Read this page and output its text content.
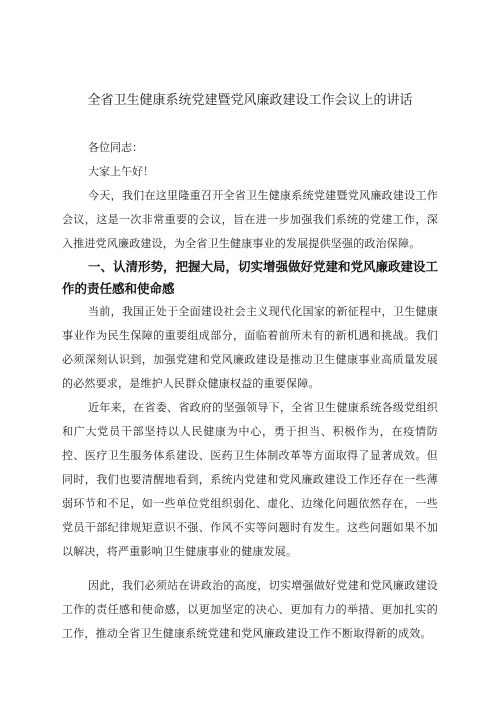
全省卫生健康系统党建暨党风廉政建设工作会议上的讲话

各位同志：

大家上午好！

今天，我们在这里隆重召开全省卫生健康系统党建暨党风廉政建设工作会议，这是一次非常重要的会议，旨在进一步加强我们系统的党建工作，深入推进党风廉政建设，为全省卫生健康事业的发展提供坚强的政治保障。

一、认清形势，把握大局，切实增强做好党建和党风廉政建设工作的责任感和使命感

当前，我国正处于全面建设社会主义现代化国家的新征程中，卫生健康事业作为民生保障的重要组成部分，面临着前所未有的新机遇和挑战。我们必须深刻认识到，加强党建和党风廉政建设是推动卫生健康事业高质量发展的必然要求，是维护人民群众健康权益的重要保障。

近年来，在省委、省政府的坚强领导下，全省卫生健康系统各级党组织和广大党员干部坚持以人民健康为中心，勇于担当、积极作为，在疫情防控、医疗卫生服务体系建设、医药卫生体制改革等方面取得了显著成效。但同时，我们也要清醒地看到，系统内党建和党风廉政建设工作还存在一些薄弱环节和不足，如一些单位党组织弱化、虚化、边缘化问题依然存在，一些党员干部纪律规矩意识不强、作风不实等问题时有发生。这些问题如果不加以解决，将严重影响卫生健康事业的健康发展。

因此，我们必须站在讲政治的高度，切实增强做好党建和党风廉政建设工作的责任感和使命感，以更加坚定的决心、更加有力的举措、更加扎实的工作，推动全省卫生健康系统党建和党风廉政建设工作不断取得新的成效。
